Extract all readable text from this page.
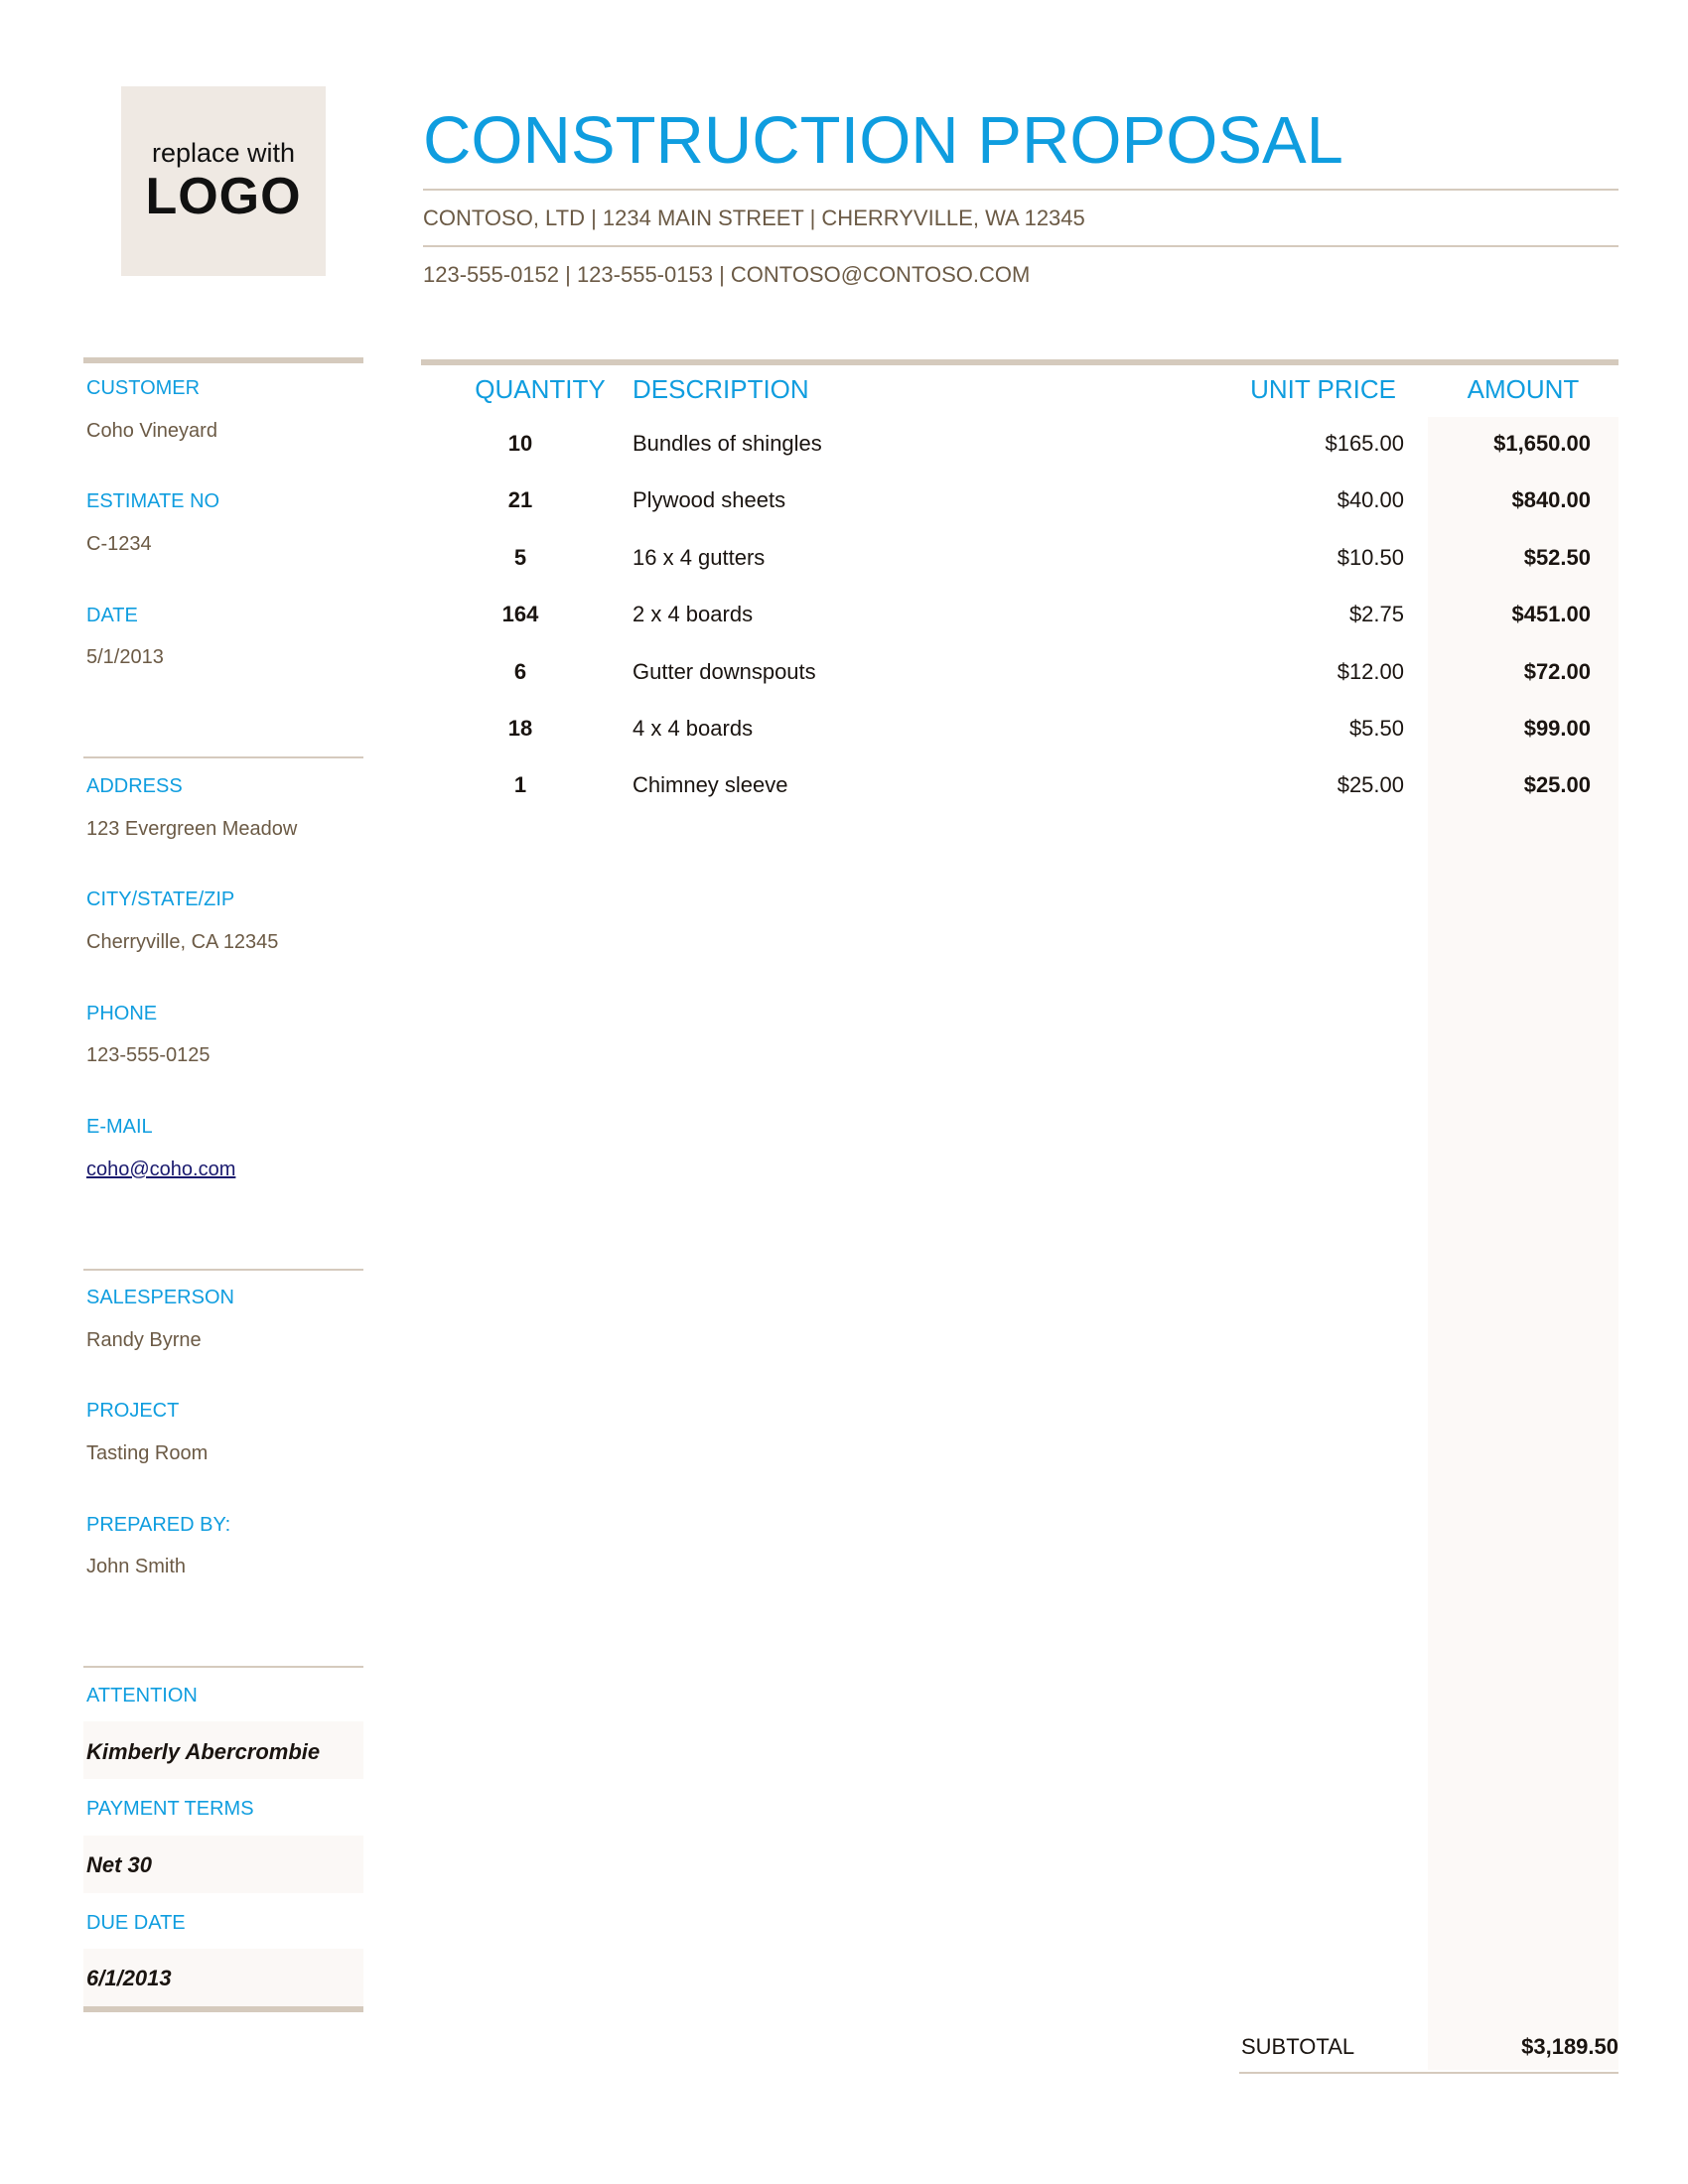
replace with
LOGO
CONSTRUCTION PROPOSAL
CONTOSO, LTD | 1234 MAIN STREET | CHERRYVILLE, WA 12345
123-555-0152 | 123-555-0153 | CONTOSO@CONTOSO.COM
CUSTOMER
Coho Vineyard
ESTIMATE NO
C-1234
DATE
5/1/2013
ADDRESS
123 Evergreen Meadow
CITY/STATE/ZIP
Cherryville, CA 12345
PHONE
123-555-0125
E-MAIL
coho@coho.com
SALESPERSON
Randy Byrne
PROJECT
Tasting Room
PREPARED BY:
John Smith
ATTENTION
Kimberly Abercrombie
PAYMENT TERMS
Net 30
DUE DATE
6/1/2013
QUANTITY	DESCRIPTION	UNIT PRICE	AMOUNT
10	Bundles of shingles	$165.00	$1,650.00
21	Plywood sheets	$40.00	$840.00
5	16 x 4 gutters	$10.50	$52.50
164	2 x 4 boards	$2.75	$451.00
6	Gutter downspouts	$12.00	$72.00
18	4 x 4 boards	$5.50	$99.00
1	Chimney sleeve	$25.00	$25.00
SUBTOTAL	$3,189.50
